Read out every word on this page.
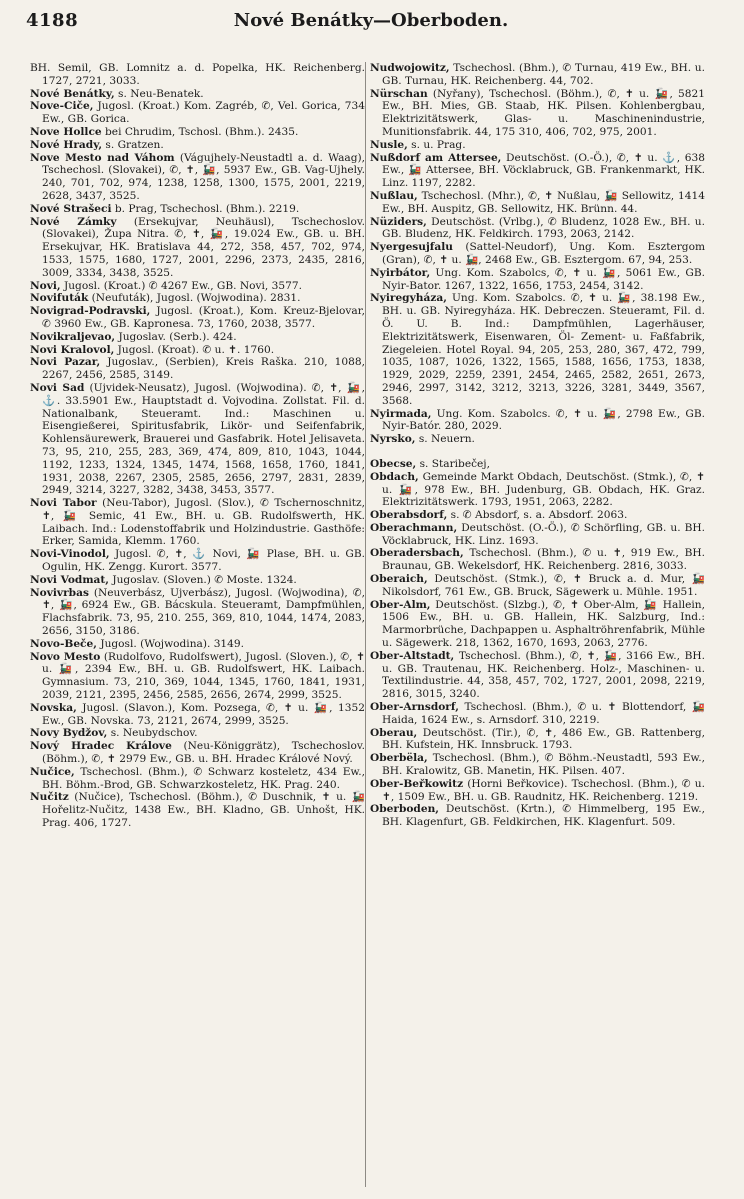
4188	Nové Benátky—Oberboden.

BH. Semil, GB. Lomnitz a. d. Popelka, HK. Reichenberg. 1727, 2721, 3033.

Nové Benátky, s. Neu-Benatek.

Nove-Ciče, Jugosl. (Kroat.) Kom. Zagréb, ✆, Vel. Gorica, 734 Ew., GB. Gorica.

Nove Hollce bei Chrudim, Tschosl. (Bhm.). 2435.

Nové Hrady, s. Gratzen.

Nove Mesto nad Váhom (Vágujhely-Neustadtl a. d. Waag), Tschechosl. (Slovakei), ✆, ✝, 🚂, 5937 Ew., GB. Vag-Ujhely. 240, 701, 702, 974, 1238, 1258, 1300, 1575, 2001, 2219, 2628, 3437, 3525.

Nové Strašeci b. Prag, Tschechosl. (Bhm.). 2219.

Nové Zámky (Ersekujvar, Neuhäusl), Tschechoslov. (Slovakei), Župa Nitra. ✆, ✝, 🚂, 19.024 Ew., GB. u. BH. Ersekujvar, HK. Bratislava 44, 272, 358, 457, 702, 974, 1533, 1575, 1680, 1727, 2001, 2296, 2373, 2435, 2816, 3009, 3334, 3438, 3525.

Novi, Jugosl. (Kroat.) ✆ 4267 Ew., GB. Novi, 3577.

Novifuták (Neufuták), Jugosl. (Wojwodina). 2831.

Novigrad-Podravski, Jugosl. (Kroat.), Kom. Kreuz-Bjelovar, ✆ 3960 Ew., GB. Kapronesa. 73, 1760, 2038, 3577.

Novikraljevao, Jugoslav. (Serb.). 424.

Novi Kralovol, Jugosl. (Kroat). ✆ u. ✝. 1760.

Novi Pazar, Jugoslav., (Serbien), Kreis Raška. 210, 1088, 2267, 2456, 2585, 3149.

Novi Sad (Ujvidek-Neusatz), Jugosl. (Wojwodina). ✆, ✝, 🚂, ⚓. 33.5901 Ew., Hauptstadt d. Vojvodina. Zollstat. Fil. d. Nationalbank, Steueramt. Ind.: Maschinen u. Eisengießerei, Spiritusfabrik, Likör- und Seifenfabrik, Kohlensäurewerk, Brauerei und Gasfabrik. Hotel Jelisaveta. 73, 95, 210, 255, 283, 369, 474, 809, 810, 1043, 1044, 1192, 1233, 1324, 1345, 1474, 1568, 1658, 1760, 1841, 1931, 2038, 2267, 2305, 2585, 2656, 2797, 2831, 2839, 2949, 3214, 3227, 3282, 3438, 3453, 3577.

Novi Tabor (Neu-Tabor), Jugosl. (Slov.), ✆ Tschernoschnitz, ✝, 🚂 Semic, 41 Ew., BH. u. GB. Rudolfswerth, HK. Laibach. Ind.: Lodenstoffabrik und Holzindustrie. Gasthöfe: Erker, Samida, Klemm. 1760.

Novi-Vinodol, Jugosl. ✆, ✝, ⚓ Novi, 🚂 Plase, BH. u. GB. Ogulin, HK. Zengg. Kurort. 3577.

Novi Vodmat, Jugoslav. (Sloven.) ✆ Moste. 1324.

Novivrbas (Neuverbász, Ujverbász), Jugosl. (Wojwodina), ✆, ✝, 🚂, 6924 Ew., GB. Bácskula. Steueramt, Dampfmühlen, Flachsfabrik. 73, 95, 210. 255, 369, 810, 1044, 1474, 2083, 2656, 3150, 3186.

Novo-Beče, Jugosl. (Wojwodina). 3149.

Novo Mesto (Rudolfovo, Rudolfswert), Jugosl. (Sloven.), ✆, ✝ u. 🚂, 2394 Ew., BH. u. GB. Rudolfswert, HK. Laibach. Gymnasium. 73, 210, 369, 1044, 1345, 1760, 1841, 1931, 2039, 2121, 2395, 2456, 2585, 2656, 2674, 2999, 3525.

Novska, Jugosl. (Slavon.), Kom. Pozsega, ✆, ✝ u. 🚂, 1352 Ew., GB. Novska. 73, 2121, 2674, 2999, 3525.

Novy Bydžov, s. Neubydschov.

Nový Hradec Králove (Neu-Königgrätz), Tschechoslov. (Böhm.), ✆, ✝ 2979 Ew., GB. u. BH. Hradec Králové Nový.

Nučice, Tschechosl. (Bhm.), ✆ Schwarz kosteletz, 434 Ew., BH. Böhm.-Brod, GB. Schwarzkosteletz, HK. Prag. 240.

Nučitz (Nučice), Tschechosl. (Böhm.), ✆ Duschnik, ✝ u. 🚂 Hořelitz-Nučitz, 1438 Ew., BH. Kladno, GB. Unhošt, HK. Prag. 406, 1727.

Nudwojowitz, Tschechosl. (Bhm.), ✆ Turnau, 419 Ew., BH. u. GB. Turnau, HK. Reichenberg. 44, 702.

Nürschan (Nyřany), Tschechosl. (Böhm.), ✆, ✝ u. 🚂, 5821 Ew., BH. Mies, GB. Staab, HK. Pilsen. Kohlenbergbau, Elektrizitätswerk, Glas- u. Maschinenindustrie, Munitionsfabrik. 44, 175 310, 406, 702, 975, 2001.

Nusle, s. u. Prag.

Nußdorf am Attersee, Deutschöst. (O.-Ö.), ✆, ✝ u. ⚓, 638 Ew., 🚂 Attersee, BH. Vöcklabruck, GB. Frankenmarkt, HK. Linz. 1197, 2282.

Nußlau, Tschechosl. (Mhr.), ✆, ✝ Nußlau, 🚂 Sellowitz, 1414 Ew., BH. Auspitz, GB. Sellowitz, HK. Brünn. 44.

Nüziders, Deutschöst. (Vrlbg.), ✆ Bludenz, 1028 Ew., BH. u. GB. Bludenz, HK. Feldkirch. 1793, 2063, 2142.

Nyergesujfalu (Sattel-Neudorf), Ung. Kom. Esztergom (Gran), ✆, ✝ u. 🚂, 2468 Ew., GB. Esztergom. 67, 94, 253.

Nyirbátor, Ung. Kom. Szabolcs, ✆, ✝ u. 🚂, 5061 Ew., GB. Nyir-Bator. 1267, 1322, 1656, 1753, 2454, 3142.

Nyiregyháza, Ung. Kom. Szabolcs. ✆, ✝ u. 🚂, 38.198 Ew., BH. u. GB. Nyiregyháza. HK. Debreczen. Steueramt, Fil. d. Ö. U. B. Ind.: Dampfmühlen, Lagerhäuser, Elektrizitätswerk, Eisenwaren, Öl- Zement- u. Faßfabrik, Ziegeleien. Hotel Royal. 94, 205, 253, 280, 367, 472, 799, 1035, 1087, 1026, 1322, 1565, 1588, 1656, 1753, 1838, 1929, 2029, 2259, 2391, 2454, 2465, 2582, 2651, 2673, 2946, 2997, 3142, 3212, 3213, 3226, 3281, 3449, 3567, 3568.

Nyirmada, Ung. Kom. Szabolcs. ✆, ✝ u. 🚂, 2798 Ew., GB. Nyir-Batór. 280, 2029.

Nyrsko, s. Neuern.

Obecse, s. Staribečej,

Obdach, Gemeinde Markt Obdach, Deutschöst. (Stmk.), ✆, ✝ u. 🚂, 978 Ew., BH. Judenburg, GB. Obdach, HK. Graz. Elektrizitätswerk. 1793, 1951, 2063, 2282.

Oberabsdorf, s. ✆ Absdorf, s. a. Absdorf. 2063.

Oberachmann, Deutschöst. (O.-Ö.), ✆ Schörfling, GB. u. BH. Vöcklabruck, HK. Linz. 1693.

Oberadersbach, Tschechosl. (Bhm.), ✆ u. ✝, 919 Ew., BH. Braunau, GB. Wekelsdorf, HK. Reichenberg. 2816, 3033.

Oberaich, Deutschöst. (Stmk.), ✆, ✝ Bruck a. d. Mur, 🚂 Nikolsdorf, 761 Ew., GB. Bruck, Sägewerk u. Mühle. 1951.

Ober-Alm, Deutschöst. (Slzbg.), ✆, ✝ Ober-Alm, 🚂 Hallein, 1506 Ew., BH. u. GB. Hallein, HK. Salzburg, Ind.: Marmorbrüche, Dachpappen u. Asphaltröhrenfabrik, Mühle u. Sägewerk. 218, 1362, 1670, 1693, 2063, 2776.

Ober-Altstadt, Tschechosl. (Bhm.), ✆, ✝, 🚂, 3166 Ew., BH. u. GB. Trautenau, HK. Reichenberg. Holz-, Maschinen- u. Textilindustrie. 44, 358, 457, 702, 1727, 2001, 2098, 2219, 2816, 3015, 3240.

Ober-Arnsdorf, Tschechosl. (Bhm.), ✆ u. ✝ Blottendorf, 🚂 Haida, 1624 Ew., s. Arnsdorf. 310, 2219.

Oberau, Deutschöst. (Tir.), ✆, ✝, 486 Ew., GB. Rattenberg, BH. Kufstein, HK. Innsbruck. 1793.

Oberbëla, Tschechosl. (Bhm.), ✆ Böhm.-Neustadtl, 593 Ew., BH. Kralowitz, GB. Manetin, HK. Pilsen. 407.

Ober-Beřkowitz (Horni Beřkovice). Tschechosl. (Bhm.), ✆ u. ✝, 1509 Ew., BH. u. GB. Raudnitz, HK. Reichenberg. 1219.

Oberboden, Deutschöst. (Krtn.), ✆ Himmelberg, 195 Ew., BH. Klagenfurt, GB. Feldkirchen, HK. Klagenfurt. 509.
